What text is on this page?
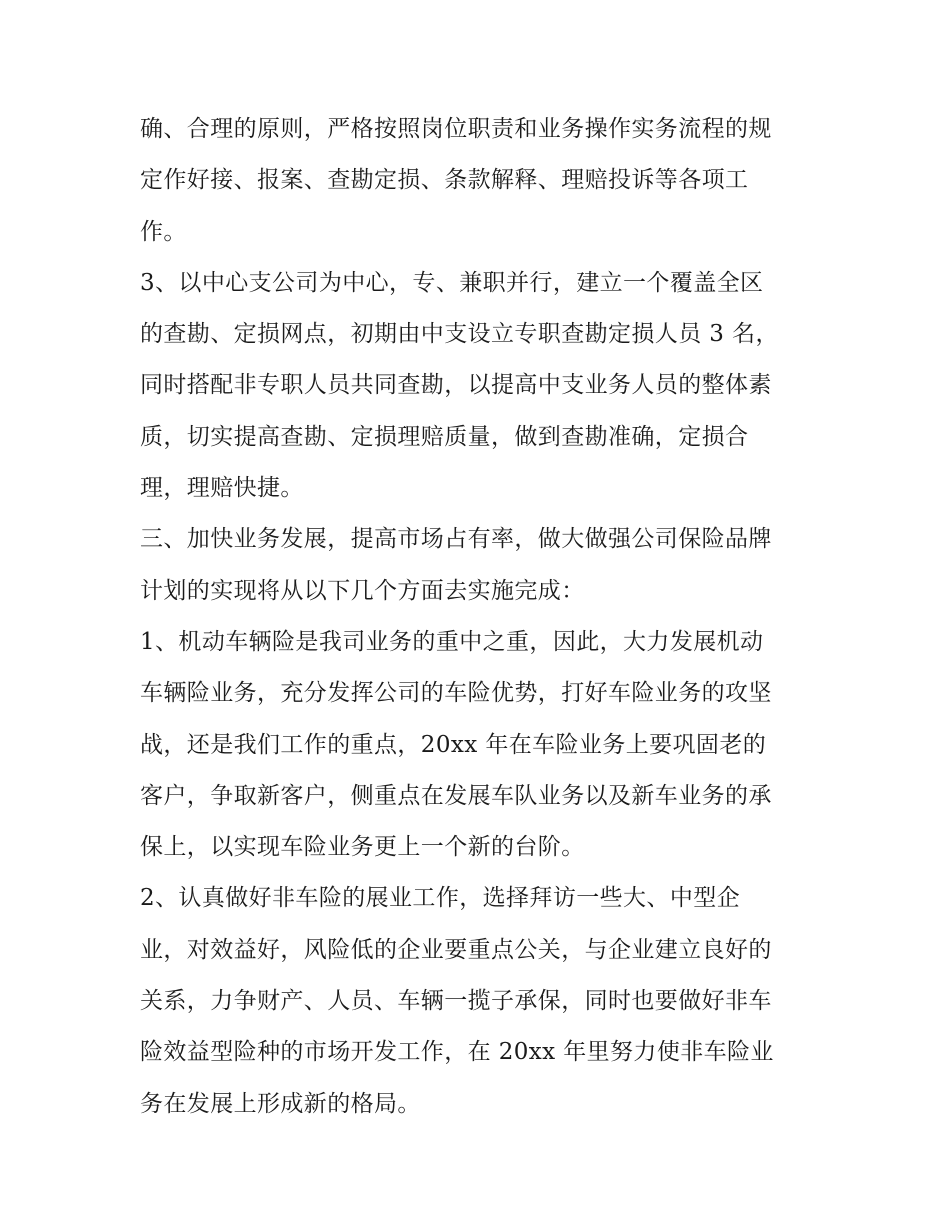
确、合理的原则，严格按照岗位职责和业务操作实务流程的规
定作好接、报案、查勘定损、条款解释、理赔投诉等各项工
作。
3、以中心支公司为中心，专、兼职并行，建立一个覆盖全区
的查勘、定损网点，初期由中支设立专职查勘定损人员 3 名，
同时搭配非专职人员共同查勘，以提高中支业务人员的整体素
质，切实提高查勘、定损理赔质量，做到查勘准确，定损合
理，理赔快捷。
三、加快业务发展，提高市场占有率，做大做强公司保险品牌
计划的实现将从以下几个方面去实施完成：
1、机动车辆险是我司业务的重中之重，因此，大力发展机动
车辆险业务，充分发挥公司的车险优势，打好车险业务的攻坚
战，还是我们工作的重点，20xx 年在车险业务上要巩固老的
客户，争取新客户，侧重点在发展车队业务以及新车业务的承
保上，以实现车险业务更上一个新的台阶。
2、认真做好非车险的展业工作，选择拜访一些大、中型企
业，对效益好，风险低的企业要重点公关，与企业建立良好的
关系，力争财产、人员、车辆一揽子承保，同时也要做好非车
险效益型险种的市场开发工作，在 20xx 年里努力使非车险业
务在发展上形成新的格局。
